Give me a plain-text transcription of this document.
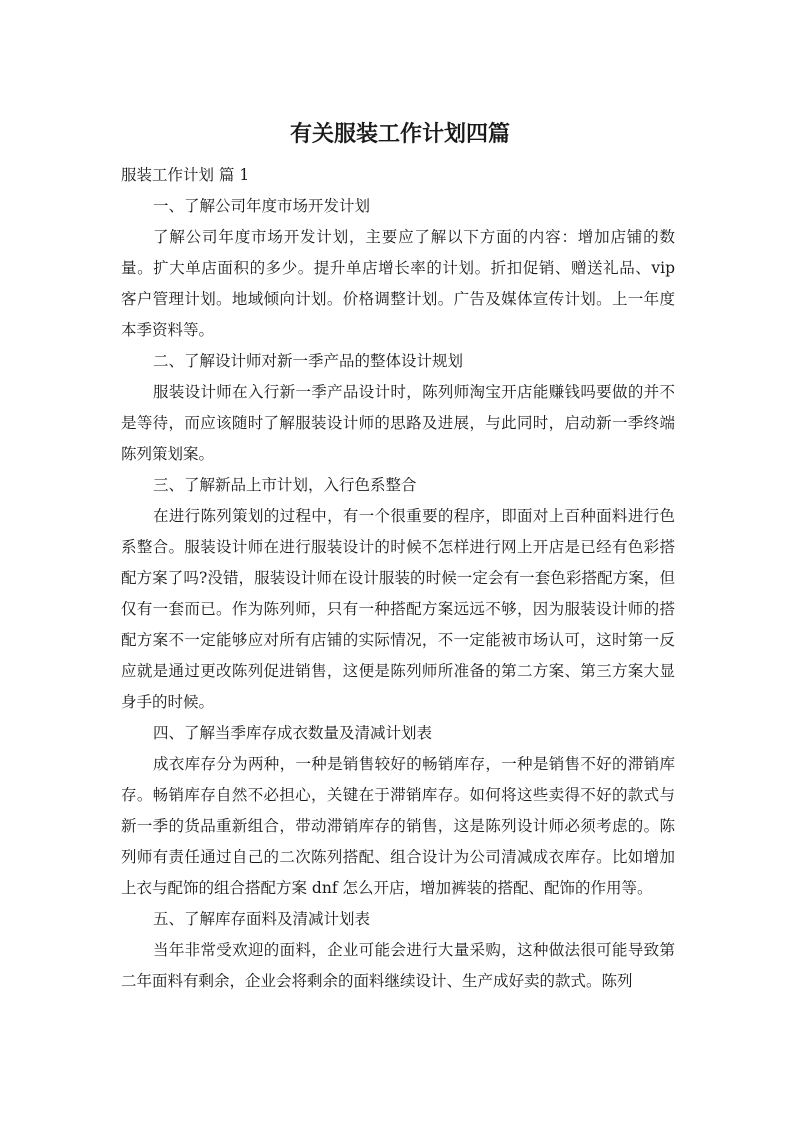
有关服装工作计划四篇

服装工作计划 篇 1

一、了解公司年度市场开发计划

了解公司年度市场开发计划，主要应了解以下方面的内容：增加店铺的数量。扩大单店面积的多少。提升单店增长率的计划。折扣促销、赠送礼品、vip 客户管理计划。地域倾向计划。价格调整计划。广告及媒体宣传计划。上一年度本季资料等。

二、了解设计师对新一季产品的整体设计规划

服装设计师在入行新一季产品设计时，陈列师淘宝开店能赚钱吗要做的并不是等待，而应该随时了解服装设计师的思路及进展，与此同时，启动新一季终端陈列策划案。

三、了解新品上市计划，入行色系整合

在进行陈列策划的过程中，有一个很重要的程序，即面对上百种面料进行色系整合。服装设计师在进行服装设计的时候不怎样进行网上开店是已经有色彩搭配方案了吗?没错，服装设计师在设计服装的时候一定会有一套色彩搭配方案，但仅有一套而已。作为陈列师，只有一种搭配方案远远不够，因为服装设计师的搭配方案不一定能够应对所有店铺的实际情况，不一定能被市场认可，这时第一反应就是通过更改陈列促进销售，这便是陈列师所准备的第二方案、第三方案大显身手的时候。

四、了解当季库存成衣数量及清减计划表

成衣库存分为两种，一种是销售较好的畅销库存，一种是销售不好的滞销库存。畅销库存自然不必担心，关键在于滞销库存。如何将这些卖得不好的款式与新一季的货品重新组合，带动滞销库存的销售，这是陈列设计师必须考虑的。陈列师有责任通过自己的二次陈列搭配、组合设计为公司清减成衣库存。比如增加上衣与配饰的组合搭配方案 dnf 怎么开店，增加裤装的搭配、配饰的作用等。

五、了解库存面料及清减计划表

当年非常受欢迎的面料，企业可能会进行大量采购，这种做法很可能导致第二年面料有剩余，企业会将剩余的面料继续设计、生产成好卖的款式。陈列
